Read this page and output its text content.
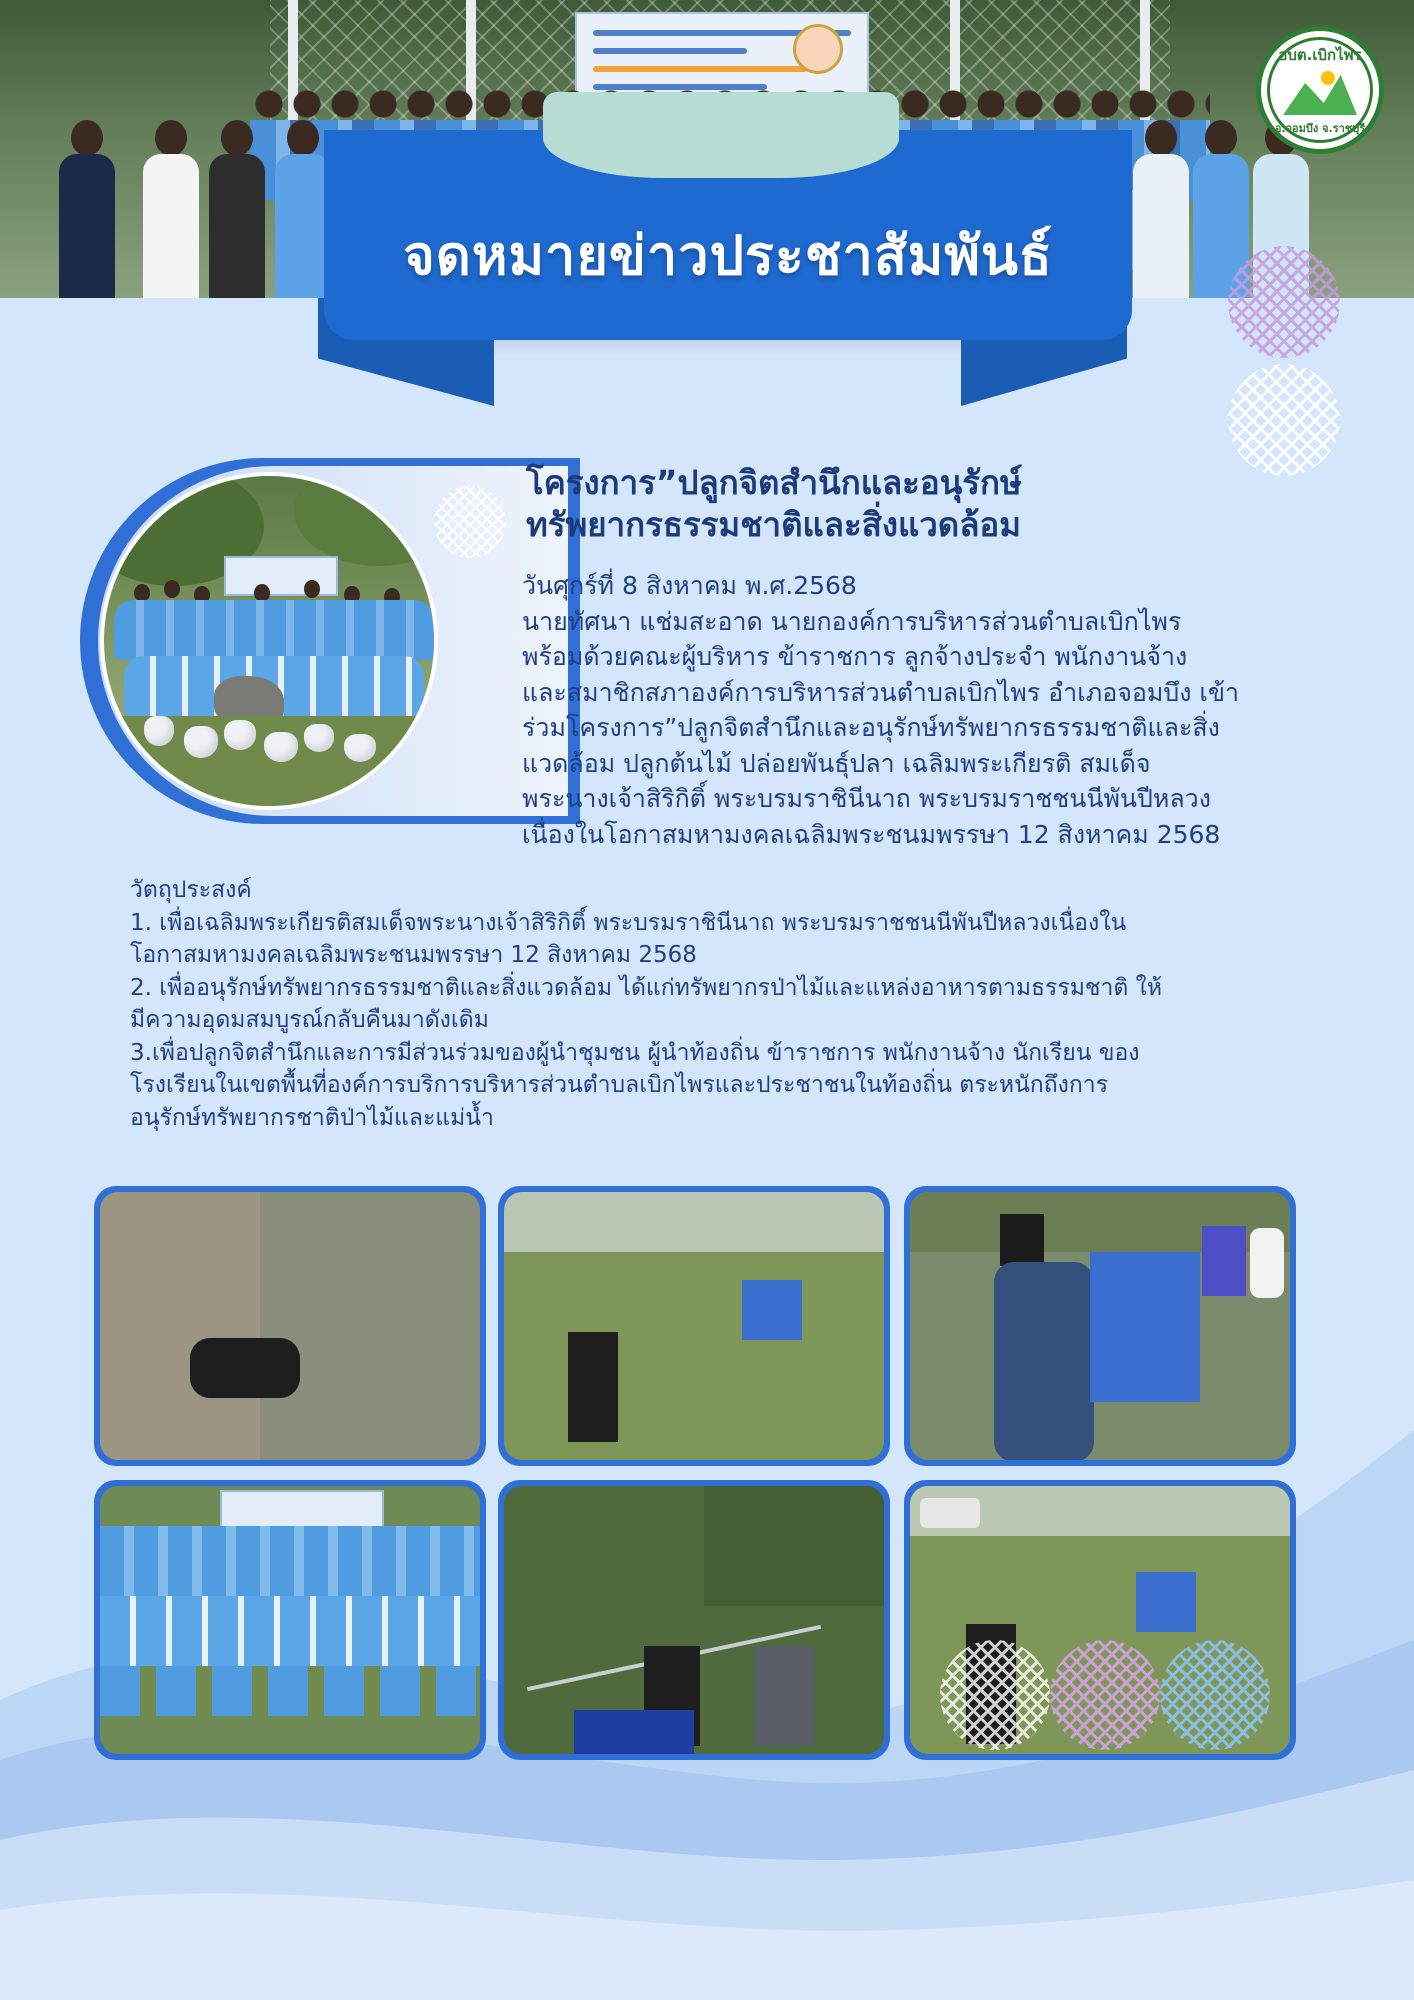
จดหมายข่าวประชาสัมพันธ์
อบต.เบิกไพร
อ.จอมบึง จ.ราชบุรี
โครงการ”ปลูกจิตสำนึกและอนุรักษ์
ทรัพยากรธรรมชาติและสิ่งแวดล้อม
วันศุกร์ที่ 8 สิงหาคม พ.ศ.2568
นายทัศนา แช่มสะอาด นายกองค์การบริหารส่วนตำบลเบิกไพร
พร้อมด้วยคณะผู้บริหาร ข้าราชการ ลูกจ้างประจำ พนักงานจ้าง
และสมาชิกสภาองค์การบริหารส่วนตำบลเบิกไพร อำเภอจอมบึง เข้า
ร่วมโครงการ”ปลูกจิตสำนึกและอนุรักษ์ทรัพยากรธรรมชาติและสิ่ง
แวดล้อม ปลูกต้นไม้ ปล่อยพันธุ์ปลา เฉลิมพระเกียรติ สมเด็จ
พระนางเจ้าสิริกิติ์ พระบรมราชินีนาถ พระบรมราชชนนีพันปีหลวง
เนื่องในโอกาสมหามงคลเฉลิมพระชนมพรรษา 12 สิงหาคม 2568
วัตถุประสงค์
1. เพื่อเฉลิมพระเกียรติสมเด็จพระนางเจ้าสิริกิติ์ พระบรมราชินีนาถ พระบรมราชชนนีพันปีหลวงเนื่องใน
โอกาสมหามงคลเฉลิมพระชนมพรรษา 12 สิงหาคม 2568
2. เพื่ออนุรักษ์ทรัพยากรธรรมชาติและสิ่งแวดล้อม ได้แก่ทรัพยากรป่าไม้และแหล่งอาหารตามธรรมชาติ ให้
มีความอุดมสมบูรณ์กลับคืนมาดังเดิม
3.เพื่อปลูกจิตสำนึกและการมีส่วนร่วมของผู้นำชุมชน ผู้นำท้องถิ่น ข้าราชการ พนักงานจ้าง นักเรียน ของ
โรงเรียนในเขตพื้นที่องค์การบริการบริหารส่วนตำบลเบิกไพรและประชาชนในท้องถิ่น ตระหนักถึงการ
อนุรักษ์ทรัพยากรชาติป่าไม้และแม่น้ำ
